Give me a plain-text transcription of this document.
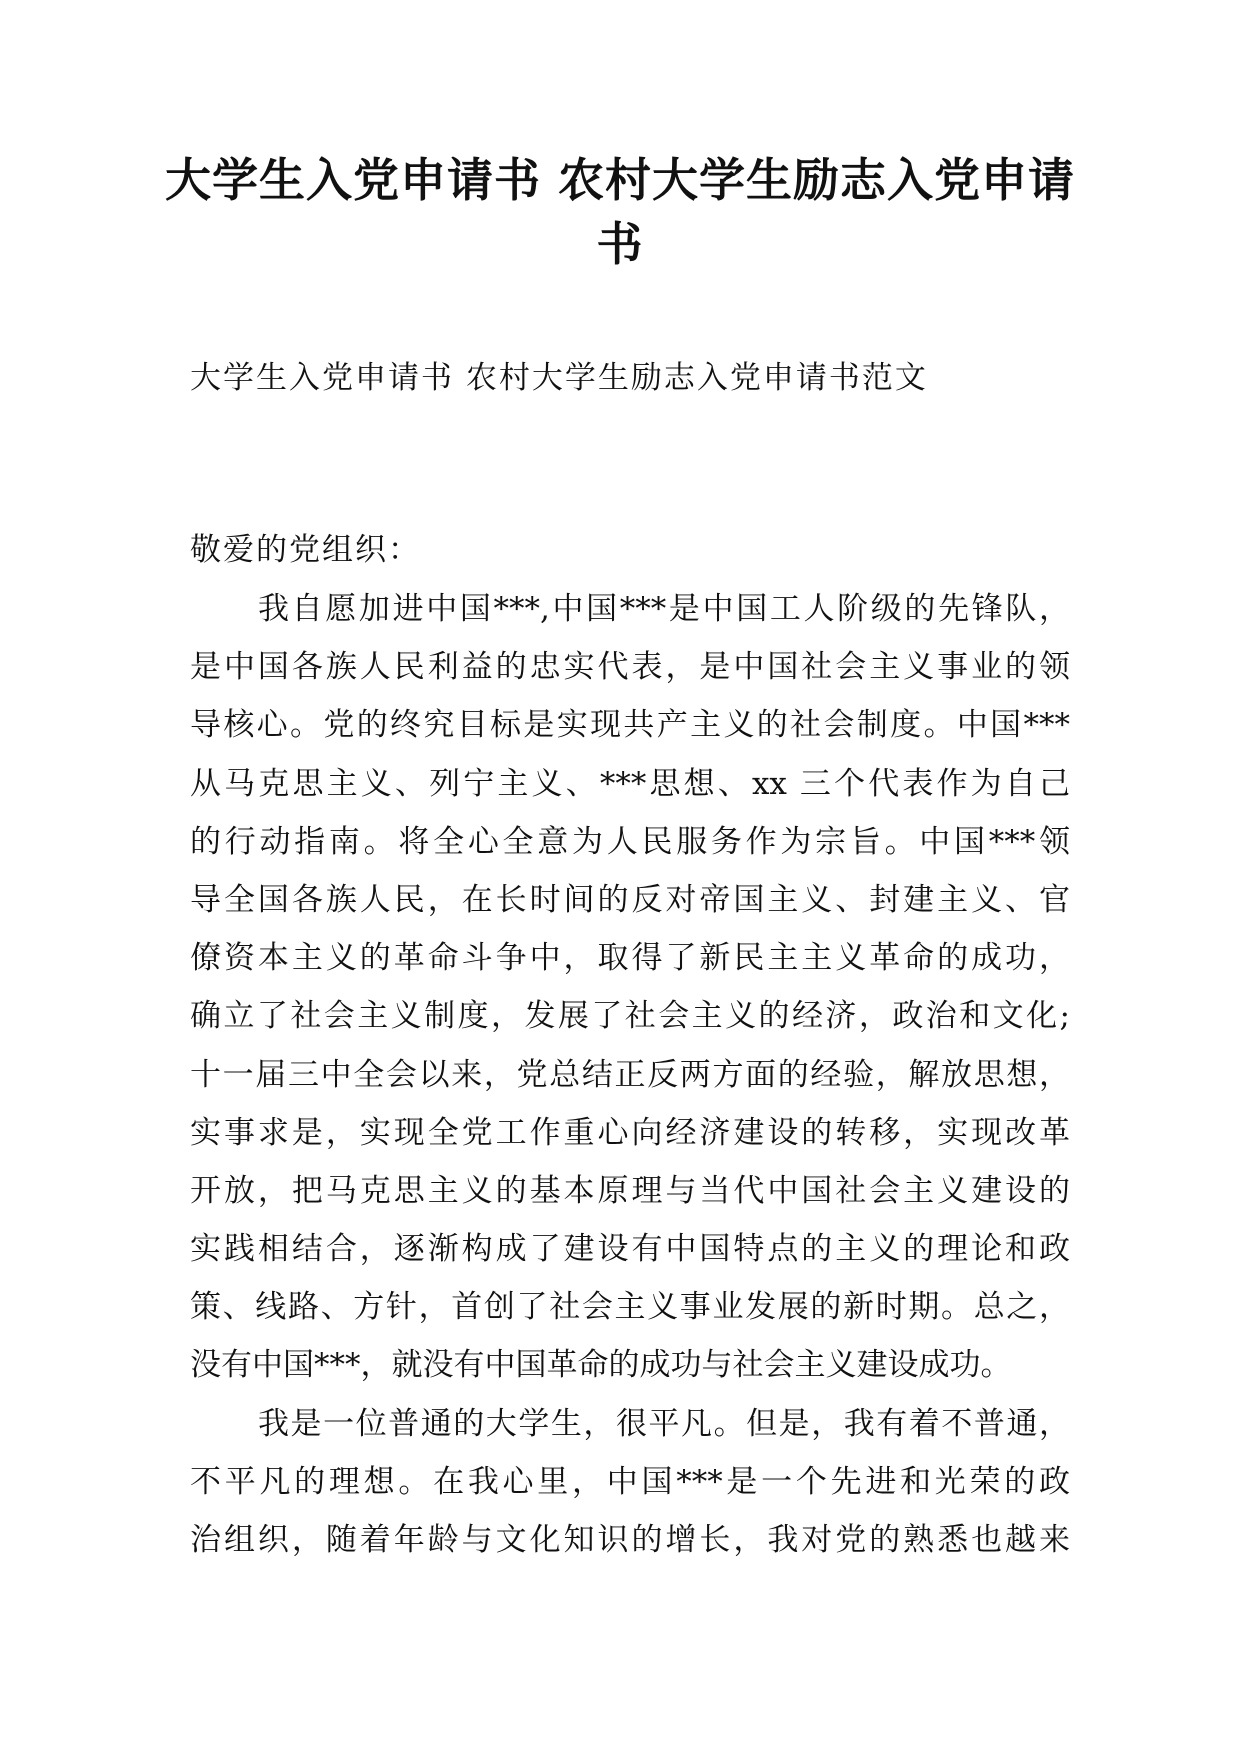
大学生入党申请书 农村大学生励志入党申请书

大学生入党申请书 农村大学生励志入党申请书范文

敬爱的党组织：

我自愿加进中国***,中国***是中国工人阶级的先锋队，
是中国各族人民利益的忠实代表，是中国社会主义事业的领
导核心。党的终究目标是实现共产主义的社会制度。中国***
从马克思主义、列宁主义、***思想、xx 三个代表作为自己
的行动指南。将全心全意为人民服务作为宗旨。中国***领
导全国各族人民，在长时间的反对帝国主义、封建主义、官
僚资本主义的革命斗争中，取得了新民主主义革命的成功，
确立了社会主义制度，发展了社会主义的经济，政治和文化;
十一届三中全会以来，党总结正反两方面的经验，解放思想，
实事求是，实现全党工作重心向经济建设的转移，实现改革
开放，把马克思主义的基本原理与当代中国社会主义建设的
实践相结合，逐渐构成了建设有中国特点的主义的理论和政
策、线路、方针，首创了社会主义事业发展的新时期。总之，
没有中国***，就没有中国革命的成功与社会主义建设成功。
我是一位普通的大学生，很平凡。但是，我有着不普通，
不平凡的理想。在我心里，中国***是一个先进和光荣的政
治组织，随着年龄与文化知识的增长，我对党的熟悉也越来
